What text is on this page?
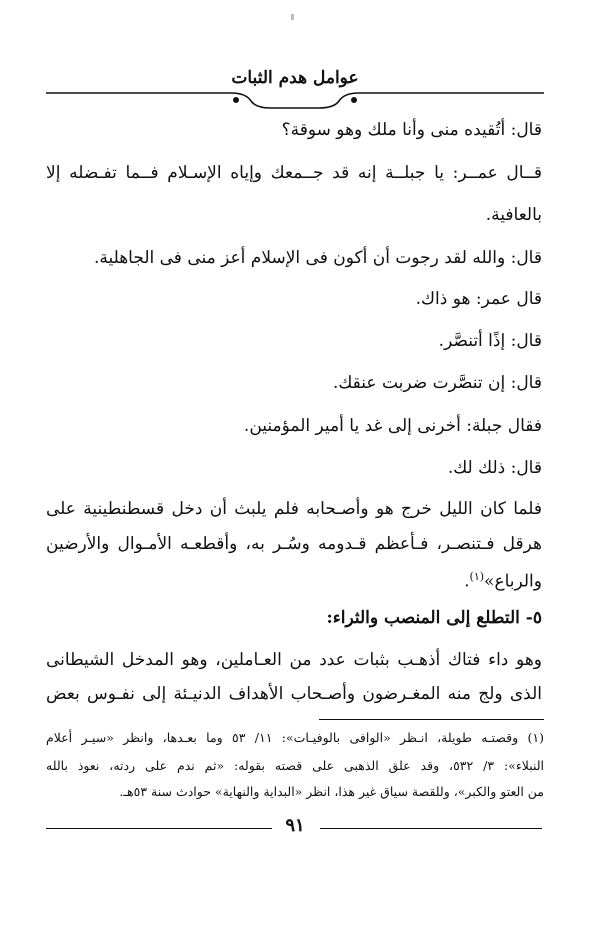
عوامل هدم الثبات
قال: أتُقيده منى وأنا ملك وهو سوقة؟
قــال عمــر: يا جبلــة إنه قد جــمعك وإياه الإسـلام فــما تفـضله إلا
بالعافية.
قال: والله لقد رجوت أن أكون فى الإسلام أعز منى فى الجاهلية.
قال عمر: هو ذاك.
قال: إذًا أتنصَّر.
قال: إن تنصَّرت ضربت عنقك.
فقال جبلة: أخرنى إلى غد يا أمير المؤمنين.
قال: ذلك لك.
فلما كان الليل خرج هو وأصـحابه فلم يلبث أن دخل قسطنطينية على
هرقل فـتنصـر، فـأعظم قـدومه وسُـر به، وأقطعـه الأمـوال والأرضين
والرباع»$^{(١)}$.
٥- التطلع إلى المنصب والثراء:
وهو داء فتاك أذهـب بثبات عدد من العـاملين، وهو المدخل الشيطانى
الذى ولج منه المغـرضون وأصـحاب الأهداف الدنيـئة إلى نفـوس بعض
(١) وقصتـه طويلة، انـظر «الوافى بالوفيـات»: ١١/ ٥٣ وما بعـدها، وانظر «سيـر أعلام
النبلاء»: ٣/ ٥٣٢، وقد علق الذهبى على قصته بقوله: «ثم ندم على ردته، نعوذ بالله
من العتو والكبر»، وللقصة سياق غير هذا، انظر «البداية والنهاية» حوادث سنة ٥٣هـ.
٩١
